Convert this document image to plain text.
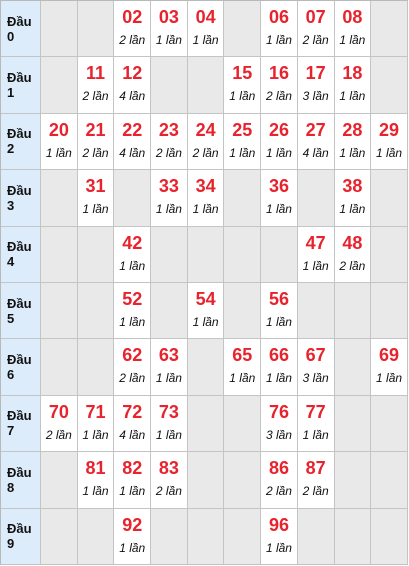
Đầu
0
02
2 lần
03
1 lần
04
1 lần
06
1 lần
07
2 lần
08
1 lần
Đầu
1
11
2 lần
12
4 lần
15
1 lần
16
2 lần
17
3 lần
18
1 lần
Đầu
2
20
1 lần
21
2 lần
22
4 lần
23
2 lần
24
2 lần
25
1 lần
26
1 lần
27
4 lần
28
1 lần
29
1 lần
Đầu
3
31
1 lần
33
1 lần
34
1 lần
36
1 lần
38
1 lần
Đầu
4
42
1 lần
47
1 lần
48
2 lần
Đầu
5
52
1 lần
54
1 lần
56
1 lần
Đầu
6
62
2 lần
63
1 lần
65
1 lần
66
1 lần
67
3 lần
69
1 lần
Đầu
7
70
2 lần
71
1 lần
72
4 lần
73
1 lần
76
3 lần
77
1 lần
Đầu
8
81
1 lần
82
1 lần
83
2 lần
86
2 lần
87
2 lần
Đầu
9
92
1 lần
96
1 lần
